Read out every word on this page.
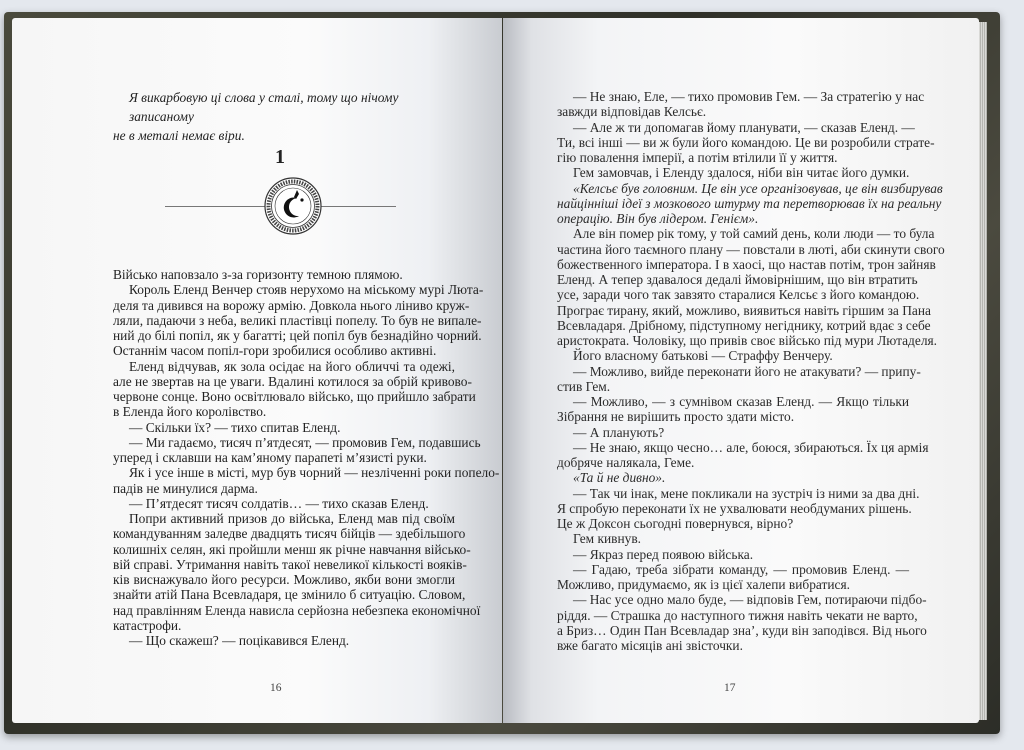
Я викарбовую ці слова у сталі, тому що нічому записаному
не в металі немає віри.
1
Військо наповзало з-за горизонту темною плямою.
Король Еленд Венчер стояв нерухомо на міському мурі Люта-
деля та дивився на ворожу армію. Довкола нього ліниво круж-
ляли, падаючи з неба, великі пластівці попелу. То був не випале-
ний до білі попіл, як у багатті; цей попіл був безнадійно чорний.
Останнім часом попіл-гори зробилися особливо активні.
Еленд відчував, як зола осідає на його обличчі та одежі,
але не звертав на це уваги. Вдалині котилося за обрій кривово-
червоне сонце. Воно освітлювало військо, що прийшло забрати
в Еленда його королівство.
— Скільки їх? — тихо спитав Еленд.
— Ми гадаємо, тисяч п’ятдесят, — промовив Гем, подавшись
уперед і склавши на кам’яному парапеті м’язисті руки.
Як і усе інше в місті, мур був чорний — незліченні роки попело-
падів не минулися дарма.
— П’ятдесят тисяч солдатів… — тихо сказав Еленд.
Попри активний призов до війська, Еленд мав під своїм
командуванням заледве двадцять тисяч бійців — здебільшого
колишніх селян, які пройшли менш як річне навчання військо-
вій справі. Утримання навіть такої невеликої кількості вояків-
ків виснажувало його ресурси. Можливо, якби вони змогли
знайти атій Пана Всевладаря, це змінило б ситуацію. Словом,
над правлінням Еленда нависла серйозна небезпека економічної
катастрофи.
— Що скажеш? — поцікавився Еленд.
16
— Не знаю, Еле, — тихо промовив Гем. — За стратегію у нас
завжди відповідав Келсьє.
— Але ж ти допомагав йому планувати, — сказав Еленд. —
Ти, всі інші — ви ж були його командою. Це ви розробили страте-
гію повалення імперії, а потім втілили її у життя.
Гем замовчав, і Еленду здалося, ніби він читає його думки.
«Келсьє був головним. Це він усе організовував, це він визбирував
найцінніші ідеї з мозкового штурму та перетворював їх на реальну
операцію. Він був лідером. Генієм».
Але він помер рік тому, у той самий день, коли люди — то була
частина його таємного плану — повстали в люті, аби скинути свого
божественного імператора. І в хаосі, що настав потім, трон зайняв
Еленд. А тепер здавалося дедалі ймовірнішим, що він втратить
усе, заради чого так завзято старалися Келсьє з його командою.
Програє тирану, який, можливо, виявиться навіть гіршим за Пана
Всевладаря. Дрібному, підступному негіднику, котрий вдає з себе
аристократа. Чоловіку, що привів своє військо під мури Лютаделя.
Його власному батькові — Страффу Венчеру.
— Можливо, вийде переконати його не атакувати? — припу-
стив Гем.
— Можливо, — з сумнівом сказав Еленд. — Якщо тільки
Зібрання не вирішить просто здати місто.
— А планують?
— Не знаю, якщо чесно… але, боюся, збираються. Їх ця армія
добряче налякала, Геме.
«Та й не дивно».
— Так чи інак, мене покликали на зустріч із ними за два дні.
Я спробую переконати їх не ухвалювати необдуманих рішень.
Це ж Доксон сьогодні повернувся, вірно?
Гем кивнув.
— Якраз перед появою війська.
— Гадаю, треба зібрати команду, — промовив Еленд. —
Можливо, придумаємо, як із цієї халепи вибратися.
— Нас усе одно мало буде, — відповів Гем, потираючи підбо-
ріддя. — Страшка до наступного тижня навіть чекати не варто,
а Бриз… Один Пан Всевладар зна’, куди він заподівся. Від нього
вже багато місяців ані звісточки.
17
